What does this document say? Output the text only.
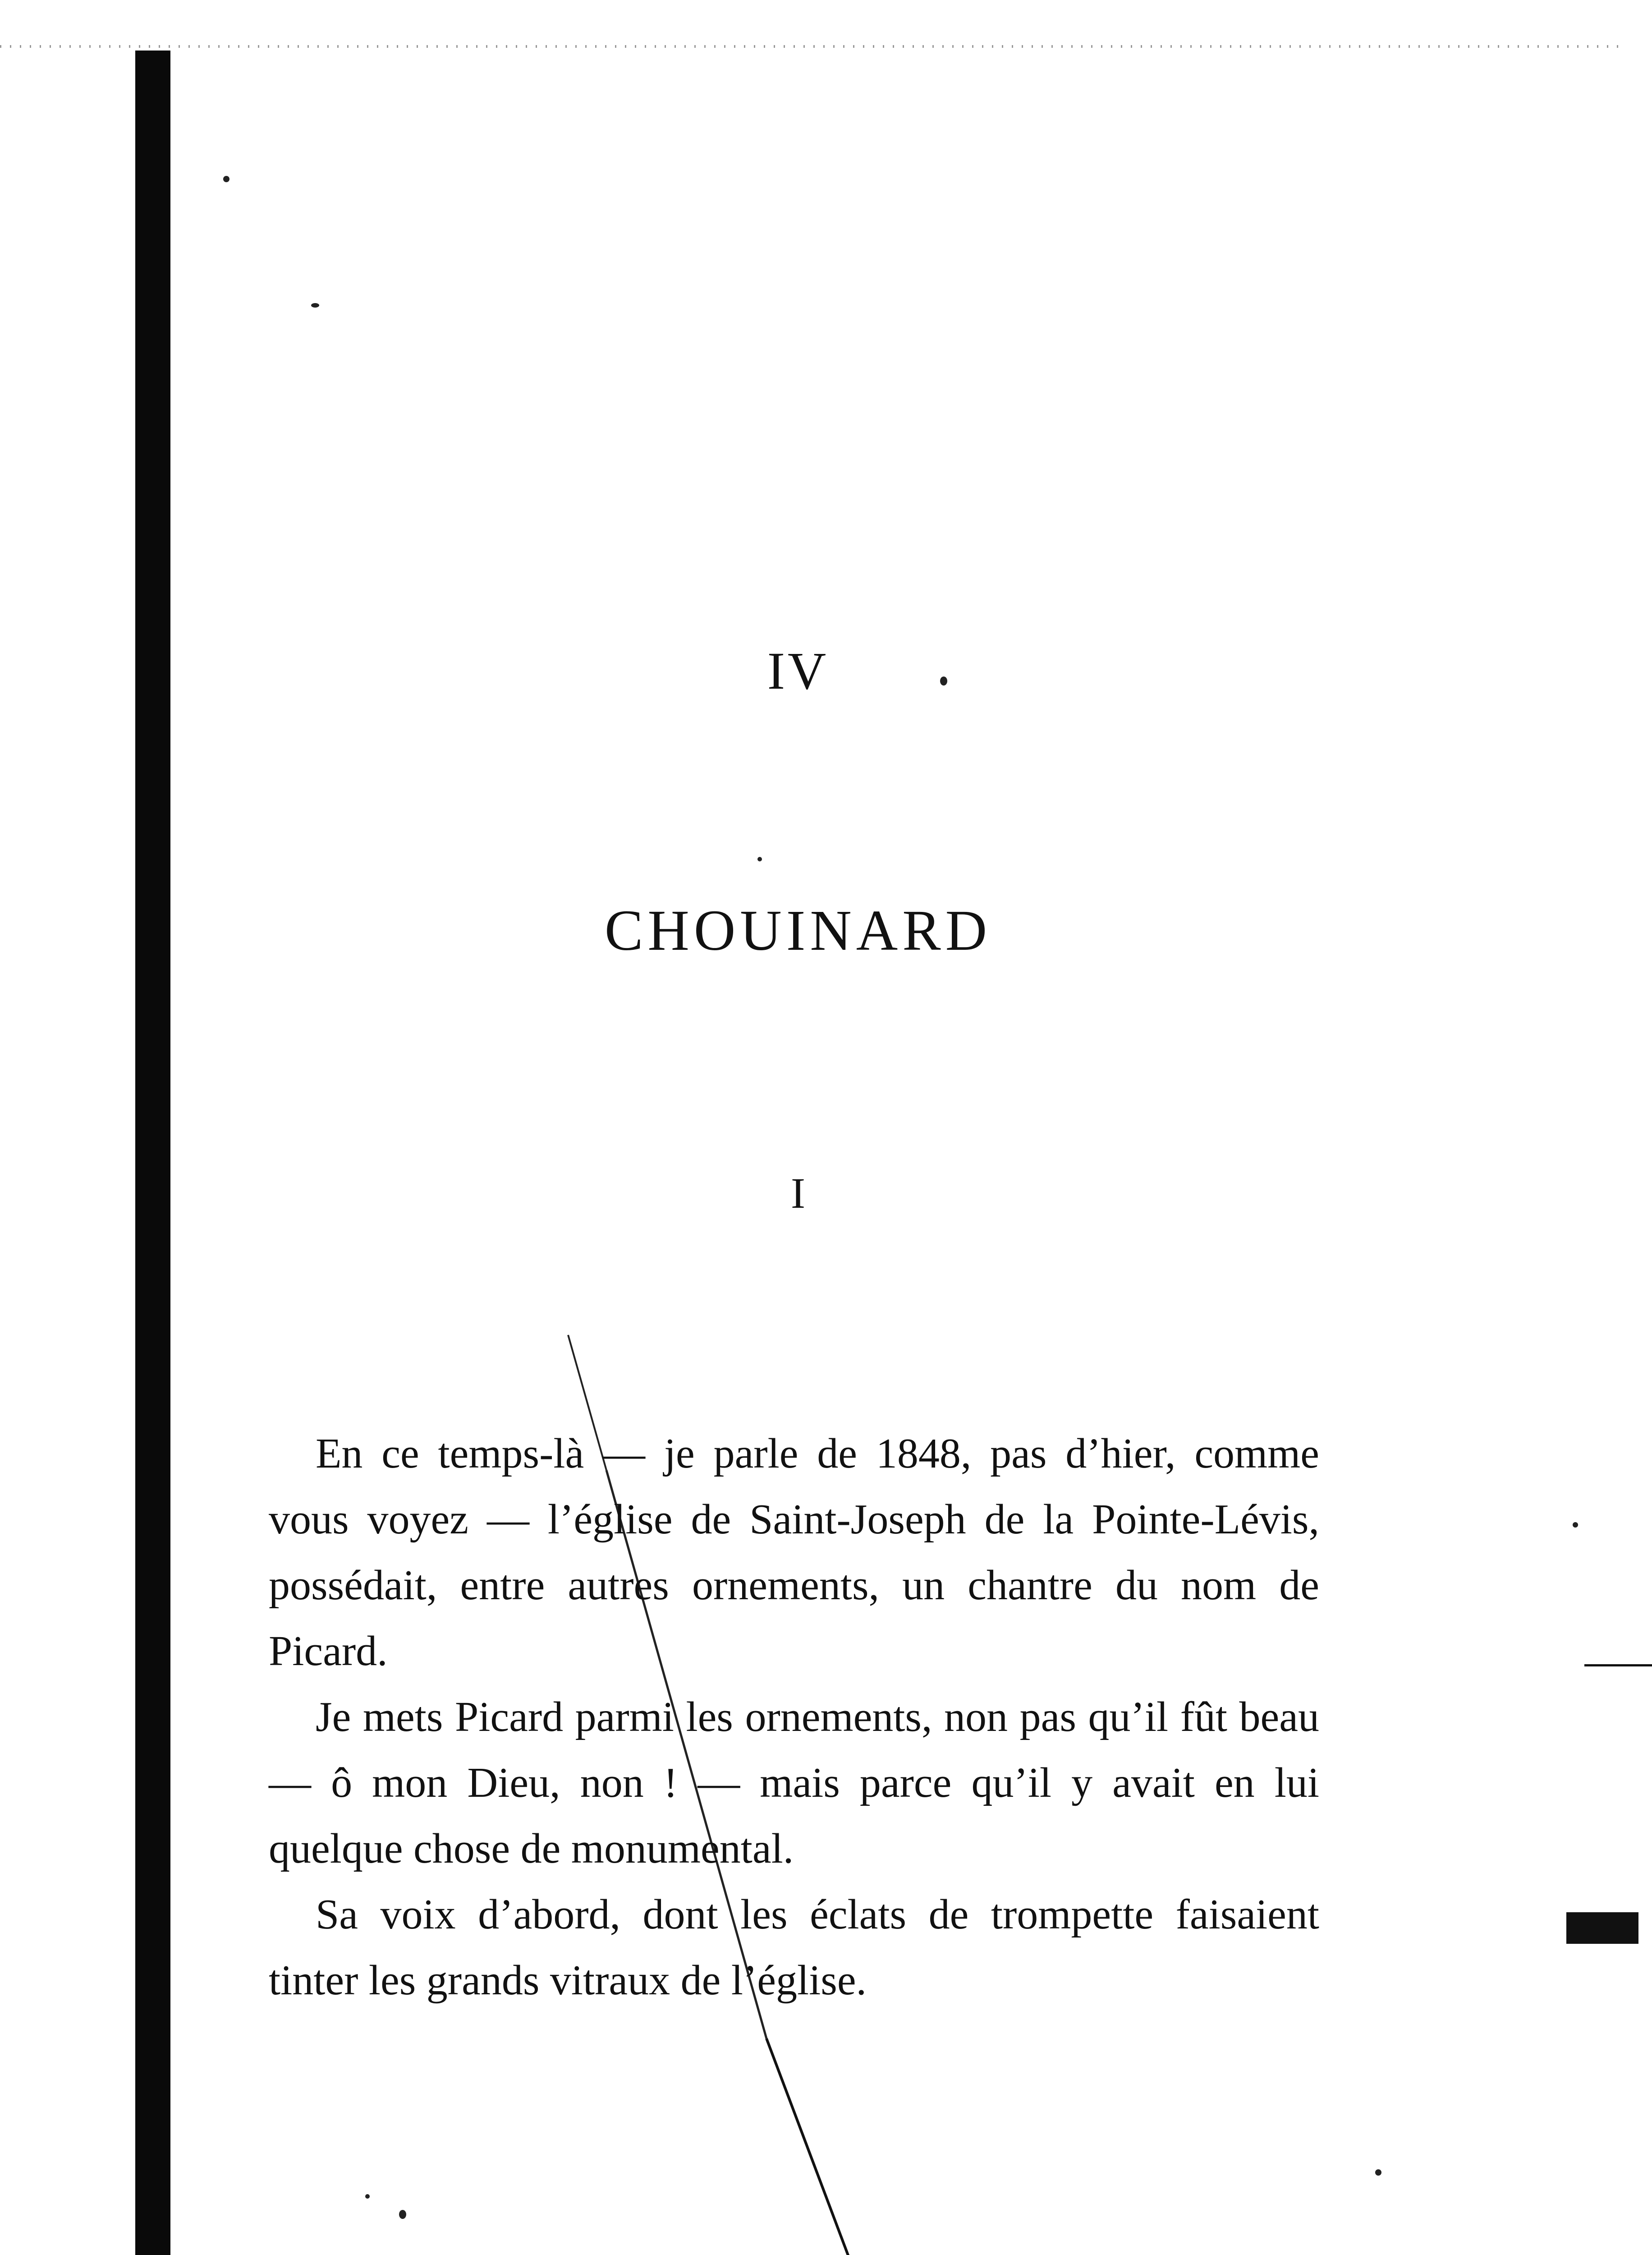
IV
CHOUINARD
I

En ce temps-là — je parle de 1848, pas d’hier, comme vous voyez — l’église de Saint-Joseph de la Pointe-Lévis, possédait, entre autres ornements, un chantre du nom de Picard.

Je mets Picard parmi les ornements, non pas qu’il fût beau — ô mon Dieu, non ! — mais parce qu’il y avait en lui quelque chose de monumental.

Sa voix d’abord, dont les éclats de trompette faisaient tinter les grands vitraux de l’église.
